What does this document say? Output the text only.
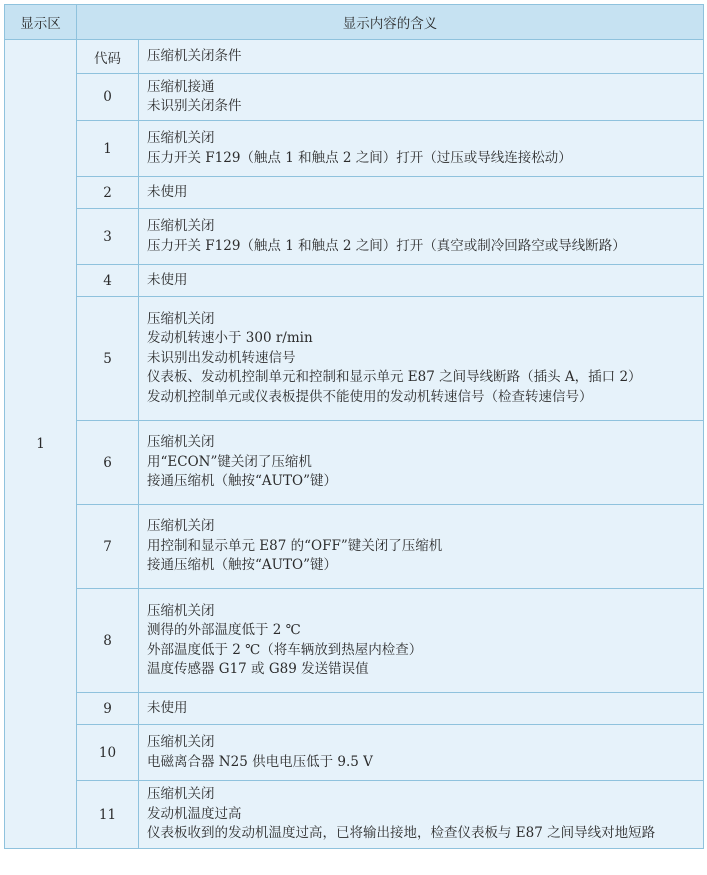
显示区	显示内容的含义	
1	代码	压缩机关闭条件
	0	压缩机接通
未识别关闭条件

	1	压缩机关闭
压力开关 F129（触点 1 和触点 2 之间）打开（过压或导线连接松动）

	2	未使用

	3	压缩机关闭
压力开关 F129（触点 1 和触点 2 之间）打开（真空或制冷回路空或导线断路）

	4	未使用

	5	压缩机关闭
发动机转速小于 300 r/min
未识别出发动机转速信号
仪表板、发动机控制单元和控制和显示单元 E87 之间导线断路（插头 A，插口 2）
发动机控制单元或仪表板提供不能使用的发动机转速信号（检查转速信号）

	6	压缩机关闭
用“ECON”键关闭了压缩机
接通压缩机（触按“AUTO”键）

	7	压缩机关闭
用控制和显示单元 E87 的“OFF”键关闭了压缩机
接通压缩机（触按“AUTO”键）

	8	压缩机关闭
测得的外部温度低于 2 ℃
外部温度低于 2 ℃（将车辆放到热屋内检查）
温度传感器 G17 或 G89 发送错误值

	9	未使用

	10	压缩机关闭
电磁离合器 N25 供电电压低于 9.5 V

	11	压缩机关闭
发动机温度过高
仪表板收到的发动机温度过高，已将输出接地，检查仪表板与 E87 之间导线对地短路
